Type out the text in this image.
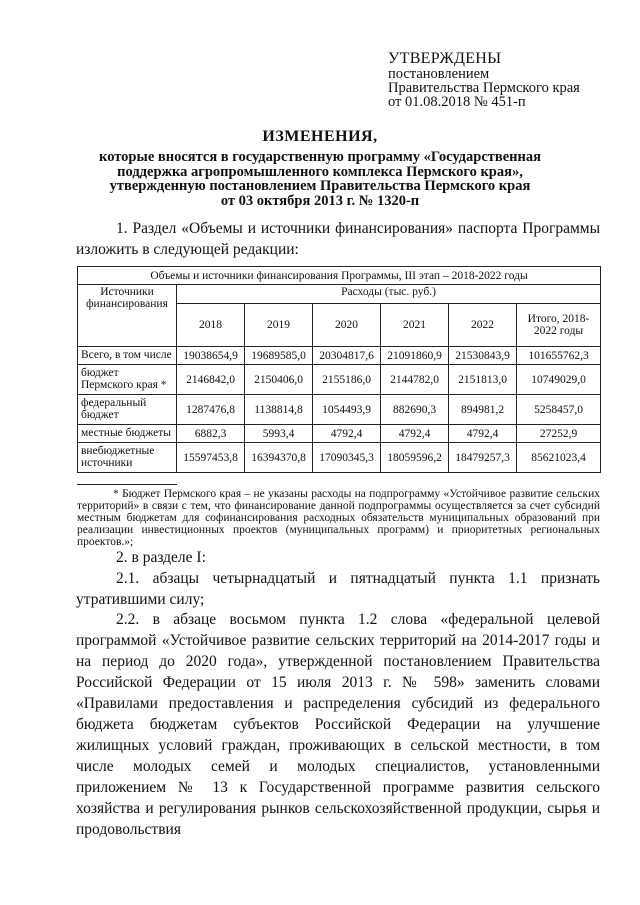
УТВЕРЖДЕНЫ
постановлением
Правительства Пермского края
от 01.08.2018 № 451-п
ИЗМЕНЕНИЯ,
которые вносятся в государственную программу «Государственная
поддержка агропромышленного комплекса Пермского края»,
утвержденную постановлением Правительства Пермского края
от 03 октября 2013 г. № 1320-п
1. Раздел «Объемы и источники финансирования» паспорта Программы изложить в следующей редакции:
Объемы и источники финансирования Программы, III этап – 2018-2022 годы						
Источники финансирования	Расходы (тыс. руб.)					
	2018	2019	2020	2021	2022	Итого, 2018-2022 годы
Всего, в том числе	19038654,9	19689585,0	20304817,6	21091860,9	21530843,9	101655762,3
бюджет Пермского края *	2146842,0	2150406,0	2155186,0	2144782,0	2151813,0	10749029,0
федеральный бюджет	1287476,8	1138814,8	1054493,9	882690,3	894981,2	5258457,0
местные бюджеты	6882,3	5993,4	4792,4	4792,4	4792,4	27252,9
внебюджетные источники	15597453,8	16394370,8	17090345,3	18059596,2	18479257,3	85621023,4
* Бюджет Пермского края – не указаны расходы на подпрограмму «Устойчивое развитие сельских территорий» в связи с тем, что финансирование данной подпрограммы осуществляется за счет субсидий местным бюджетам для софинансирования расходных обязательств муниципальных образований при реализации инвестиционных проектов (муниципальных программ) и приоритетных региональных проектов.»;
2. в разделе I:
2.1. абзацы четырнадцатый и пятнадцатый пункта 1.1 признать утратившими силу;
2.2. в абзаце восьмом пункта 1.2 слова «федеральной целевой программой «Устойчивое развитие сельских территорий на 2014-2017 годы и на период до 2020 года», утвержденной постановлением Правительства Российской Федерации от 15 июля 2013 г. № 598» заменить словами «Правилами предоставления и распределения субсидий из федерального бюджета бюджетам субъектов Российской Федерации на улучшение жилищных условий граждан, проживающих в сельской местности, в том числе молодых семей и молодых специалистов, установленными приложением № 13 к Государственной программе развития сельского хозяйства и регулирования рынков сельскохозяйственной продукции, сырья и продовольствия
